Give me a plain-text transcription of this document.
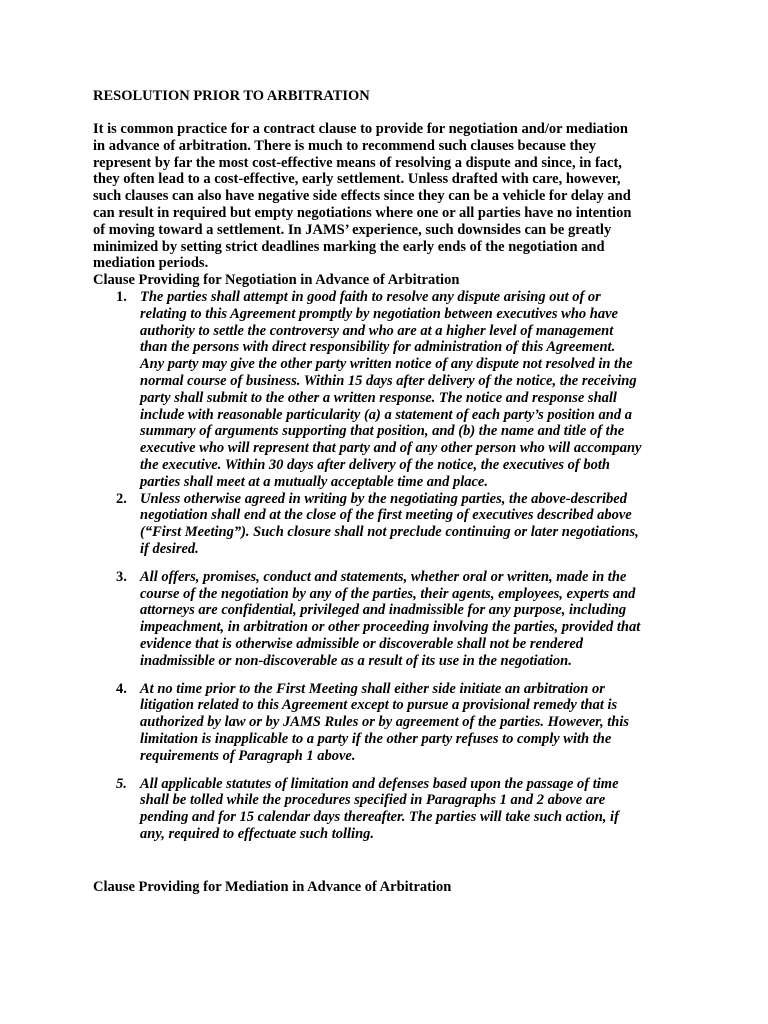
RESOLUTION PRIOR TO ARBITRATION

It is common practice for a contract clause to provide for negotiation and/or mediation
in advance of arbitration. There is much to recommend such clauses because they
represent by far the most cost-effective means of resolving a dispute and since, in fact,
they often lead to a cost-effective, early settlement. Unless drafted with care, however,
such clauses can also have negative side effects since they can be a vehicle for delay and
can result in required but empty negotiations where one or all parties have no intention
of moving toward a settlement. In JAMS’ experience, such downsides can be greatly
minimized by setting strict deadlines marking the early ends of the negotiation and
mediation periods.

Clause Providing for Negotiation in Advance of Arbitration
1. The parties shall attempt in good faith to resolve any dispute arising out of or
relating to this Agreement promptly by negotiation between executives who have
authority to settle the controversy and who are at a higher level of management
than the persons with direct responsibility for administration of this Agreement.
Any party may give the other party written notice of any dispute not resolved in the
normal course of business. Within 15 days after delivery of the notice, the receiving
party shall submit to the other a written response. The notice and response shall
include with reasonable particularity (a) a statement of each party’s position and a
summary of arguments supporting that position, and (b) the name and title of the
executive who will represent that party and of any other person who will accompany
the executive. Within 30 days after delivery of the notice, the executives of both
parties shall meet at a mutually acceptable time and place.
2. Unless otherwise agreed in writing by the negotiating parties, the above-described
negotiation shall end at the close of the first meeting of executives described above
(“First Meeting”). Such closure shall not preclude continuing or later negotiations,
if desired.
3. All offers, promises, conduct and statements, whether oral or written, made in the
course of the negotiation by any of the parties, their agents, employees, experts and
attorneys are confidential, privileged and inadmissible for any purpose, including
impeachment, in arbitration or other proceeding involving the parties, provided that
evidence that is otherwise admissible or discoverable shall not be rendered
inadmissible or non-discoverable as a result of its use in the negotiation.
4. At no time prior to the First Meeting shall either side initiate an arbitration or
litigation related to this Agreement except to pursue a provisional remedy that is
authorized by law or by JAMS Rules or by agreement of the parties. However, this
limitation is inapplicable to a party if the other party refuses to comply with the
requirements of Paragraph 1 above.
5. All applicable statutes of limitation and defenses based upon the passage of time
shall be tolled while the procedures specified in Paragraphs 1 and 2 above are
pending and for 15 calendar days thereafter. The parties will take such action, if
any, required to effectuate such tolling.
Clause Providing for Mediation in Advance of Arbitration
